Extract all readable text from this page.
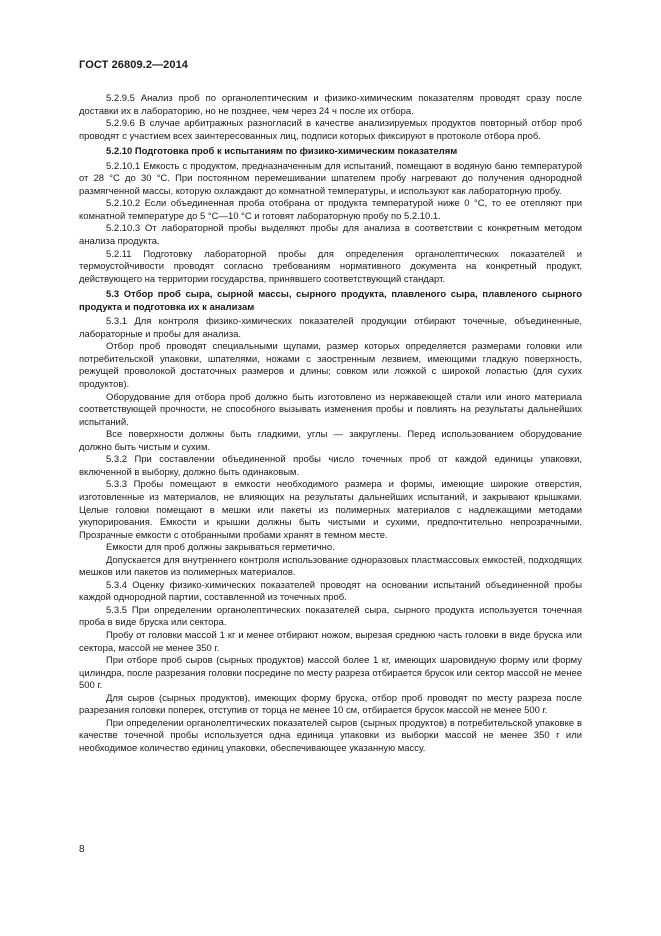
ГОСТ 26809.2—2014

5.2.9.5 Анализ проб по органолептическим и физико-химическим показателям проводят сразу после доставки их в лабораторию, но не позднее, чем через 24 ч после их отбора.

5.2.9.6 В случае арбитражных разногласий в качестве анализируемых продуктов повторный отбор проб проводят с участием всех заинтересованных лиц, подписи которых фиксируют в протоколе отбора проб.

5.2.10 Подготовка проб к испытаниям по физико-химическим показателям

5.2.10.1 Емкость с продуктом, предназначенным для испытаний, помещают в водяную баню температурой от 28 °С до 30 °С. При постоянном перемешивании шпателем пробу нагревают до получения однородной размягченной массы, которую охлаждают до комнатной температуры, и используют как лабораторную пробу.

5.2.10.2 Если объединенная проба отобрана от продукта температурой ниже 0 °С, то ее отепляют при комнатной температуре до 5 °С—10 °С и готовят лабораторную пробу по 5.2.10.1.

5.2.10.3 От лабораторной пробы выделяют пробы для анализа в соответствии с конкретным методом анализа продукта.

5.2.11 Подготовку лабораторной пробы для определения органолептических показателей и термоустойчивости проводят согласно требованиям нормативного документа на конкретный продукт, действующего на территории государства, принявшего соответствующий стандарт.

5.3 Отбор проб сыра, сырной массы, сырного продукта, плавленого сыра, плавленого сырного продукта и подготовка их к анализам

5.3.1 Для контроля физико-химических показателей продукции отбирают точечные, объединенные, лабораторные и пробы для анализа.

Отбор проб проводят специальными щупами, размер которых определяется размерами головки или потребительской упаковки, шпателями, ножами с заостренным лезвием, имеющими гладкую поверхность, режущей проволокой достаточных размеров и длины; совком или ложкой с широкой лопастью (для сухих продуктов).

Оборудование для отбора проб должно быть изготовлено из нержавеющей стали или иного материала соответствующей прочности, не способного вызывать изменения пробы и повлиять на результаты дальнейших испытаний.

Все поверхности должны быть гладкими, углы — закруглены. Перед использованием оборудование должно быть чистым и сухим.

5.3.2 При составлении объединенной пробы число точечных проб от каждой единицы упаковки, включенной в выборку, должно быть одинаковым.

5.3.3 Пробы помещают в емкости необходимого размера и формы, имеющие широкие отверстия, изготовленные из материалов, не влияющих на результаты дальнейших испытаний, и закрывают крышками. Целые головки помещают в мешки или пакеты из полимерных материалов с надлежащими методами укупорирования. Емкости и крышки должны быть чистыми и сухими, предпочтительно непрозрачными. Прозрачные емкости с отобранными пробами хранят в темном месте.

Емкости для проб должны закрываться герметично.

Допускается для внутреннего контроля использование одноразовых пластмассовых емкостей, подходящих мешков или пакетов из полимерных материалов.

5.3.4 Оценку физико-химических показателей проводят на основании испытаний объединенной пробы каждой однородной партии, составленной из точечных проб.

5.3.5 При определении органолептических показателей сыра, сырного продукта используется точечная проба в виде бруска или сектора.

Пробу от головки массой 1 кг и менее отбирают ножом, вырезая среднюю часть головки в виде бруска или сектора, массой не менее 350 г.

При отборе проб сыров (сырных продуктов) массой более 1 кг, имеющих шаровидную форму или форму цилиндра, после разрезания головки посредине по месту разреза отбирается брусок или сектор массой не менее 500 г.

Для сыров (сырных продуктов), имеющих форму бруска, отбор проб проводят по месту разреза после разрезания головки поперек, отступив от торца не менее 10 см, отбирается брусок массой не менее 500 г.

При определении органолептических показателей сыров (сырных продуктов) в потребительской упаковке в качестве точечной пробы используется одна единица упаковки из выборки массой не менее 350 г или необходимое количество единиц упаковки, обеспечивающее указанную массу.

8
